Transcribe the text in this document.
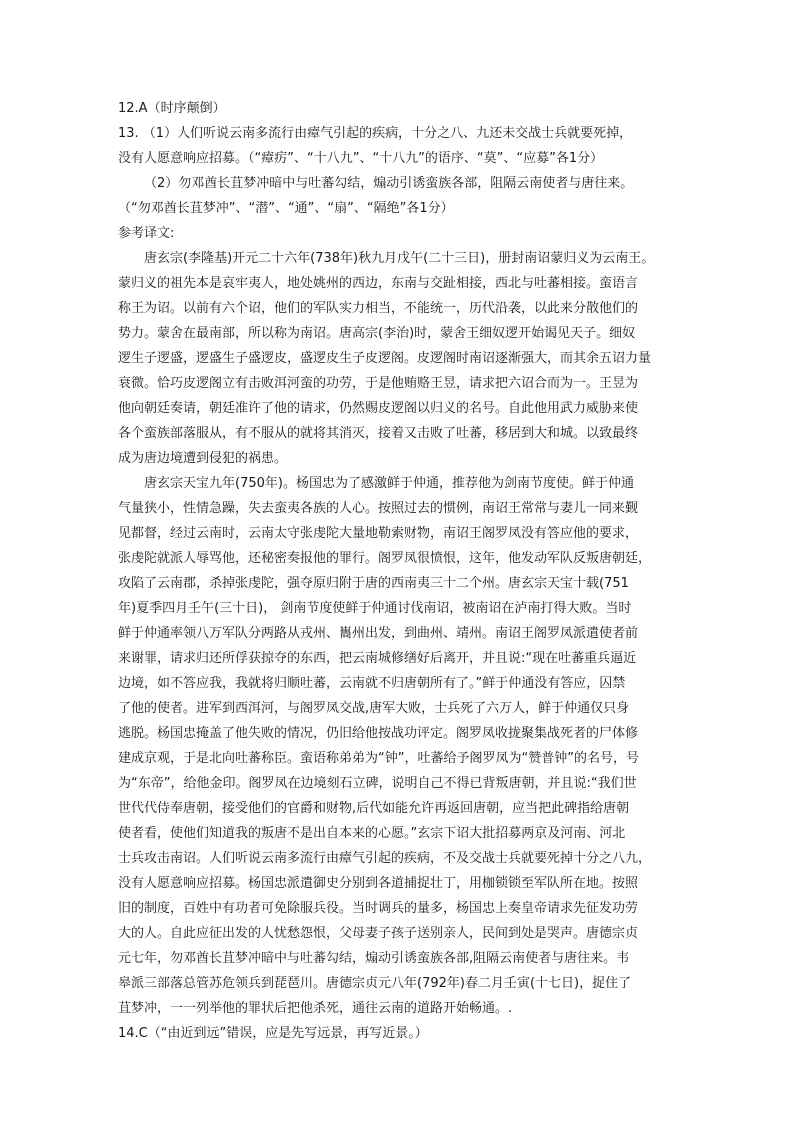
12.A（时序颠倒）

13. （1）人们听说云南多流行由瘴气引起的疾病，十分之八、九还未交战士兵就要死掉，

没有人愿意响应招募。（“瘴疠”、“十八九”、“十八九”的语序、“莫”、“应募”各1分）

（2）勿邓酋长苴梦冲暗中与吐蕃勾结，煽动引诱蛮族各部，阻隔云南使者与唐往来。

（“勿邓酋长苴梦冲”、“潜”、“通”、“扇”、“隔绝”各1分）

参考译文:

唐玄宗(李隆基)开元二十六年(738年)秋九月戊午(二十三日)，册封南诏蒙归义为云南王。

蒙归义的祖先本是哀牢夷人，地处姚州的西边，东南与交趾相接，西北与吐蕃相接。蛮语言

称王为诏。以前有六个诏，他们的军队实力相当，不能统一，历代沿袭，以此来分散他们的

势力。蒙舍在最南部，所以称为南诏。唐高宗(李治)时，蒙舍王细奴逻开始谒见天子。细奴

逻生子逻盛，逻盛生子盛逻皮，盛逻皮生子皮逻阁。皮逻阁时南诏逐渐强大，而其余五诏力量

衰微。恰巧皮逻阁立有击败洱河蛮的功劳，于是他贿赂王昱，请求把六诏合而为一。王昱为

他向朝廷奏请，朝廷准许了他的请求，仍然赐皮逻阁以归义的名号。自此他用武力威胁来使

各个蛮族部落服从，有不服从的就将其消灭，接着又击败了吐蕃，移居到大和城。以致最终

成为唐边境遭到侵犯的祸患。

唐玄宗天宝九年(750年)。杨国忠为了感激鲜于仲通，推荐他为剑南节度使。鲜于仲通

气量狭小，性情急躁，失去蛮夷各族的人心。按照过去的惯例，南诏王常常与妻儿一同来觐

见都督，经过云南时，云南太守张虔陀大量地勒索财物，南诏王阁罗凤没有答应他的要求，

张虔陀就派人辱骂他，还秘密奏报他的罪行。阁罗凤很愤恨，这年，他发动军队反叛唐朝廷，

攻陷了云南郡，杀掉张虔陀，强夺原归附于唐的西南夷三十二个州。唐玄宗天宝十载(751

年)夏季四月壬午(三十日)， 剑南节度使鲜于仲通讨伐南诏，被南诏在泸南打得大败。当时

鲜于仲通率领八万军队分两路从戎州、巂州出发，到曲州、靖州。南诏王阁罗凤派遣使者前

来谢罪，请求归还所俘获掠夺的东西，把云南城修缮好后离开，并且说:“现在吐蕃重兵逼近

边境，如不答应我，我就将归顺吐蕃，云南就不归唐朝所有了。”鲜于仲通没有答应，囚禁

了他的使者。进军到西洱河，与阁罗凤交战,唐军大败，士兵死了六万人，鲜于仲通仅只身

逃脱。杨国忠掩盖了他失败的情况，仍旧给他按战功评定。阁罗凤收拢聚集战死者的尸体修

建成京观，于是北向吐蕃称臣。蛮语称弟弟为“钟”，吐蕃给予阁罗凤为“赞普钟”的名号，号

为“东帝”，给他金印。阁罗凤在边境刻石立碑，说明自己不得已背叛唐朝，并且说:“我们世

世代代侍奉唐朝，接受他们的官爵和财物,后代如能允许再返回唐朝，应当把此碑指给唐朝

使者看，使他们知道我的叛唐不是出自本来的心愿。”玄宗下诏大批招募两京及河南、河北

士兵攻击南诏。人们听说云南多流行由瘴气引起的疾病，不及交战士兵就要死掉十分之八九，

没有人愿意响应招募。杨国忠派遣御史分别到各道捕捉壮丁，用枷锁锁至军队所在地。按照

旧的制度，百姓中有功者可免除服兵役。当时调兵的量多，杨国忠上奏皇帝请求先征发功劳

大的人。自此应征出发的人忧愁怨恨，父母妻子孩子送别亲人，民间到处是哭声。唐德宗贞

元七年，勿邓酋长苴梦冲暗中与吐蕃勾结，煽动引诱蛮族各部,阻隔云南使者与唐往来。韦

皋派三部落总管苏危领兵到琵琶川。唐德宗贞元八年(792年)春二月壬寅(十七日)，捉住了

苴梦冲，一一列举他的罪状后把他杀死，通往云南的道路开始畅通。.

14.C（“由近到远”错误，应是先写远景，再写近景。）
